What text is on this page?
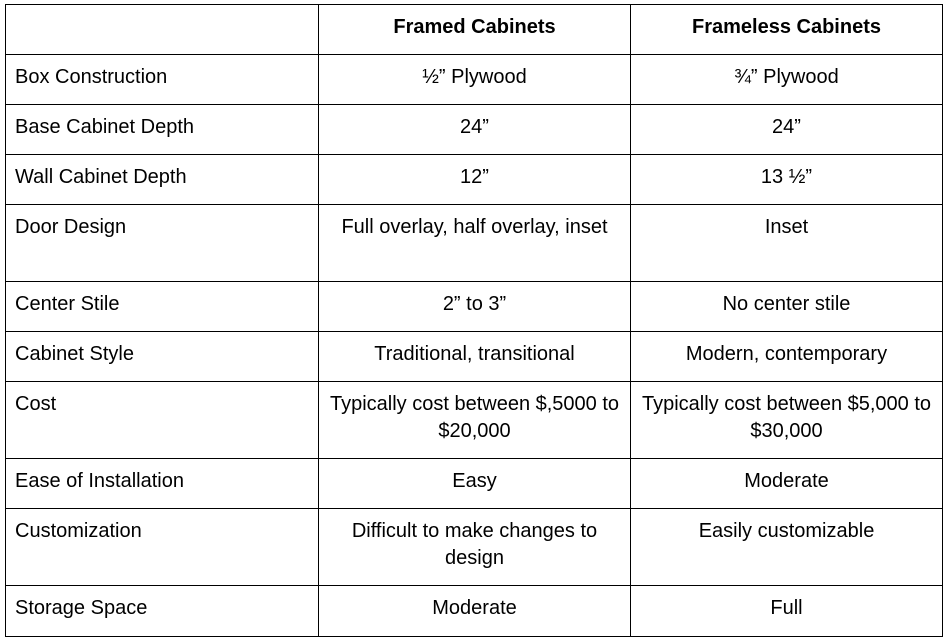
	Framed Cabinets	Frameless Cabinets
Box Construction	½” Plywood	¾” Plywood
Base Cabinet Depth	24”	24”
Wall Cabinet Depth	12”	13 ½”
Door Design	Full overlay, half overlay, inset	Inset
Center Stile	2” to 3”	No center stile
Cabinet Style	Traditional, transitional	Modern, contemporary
Cost	Typically cost between $,5000 to $20,000	Typically cost between $5,000 to $30,000
Ease of Installation	Easy	Moderate
Customization	Difficult to make changes to design	Easily customizable
Storage Space	Moderate	Full
